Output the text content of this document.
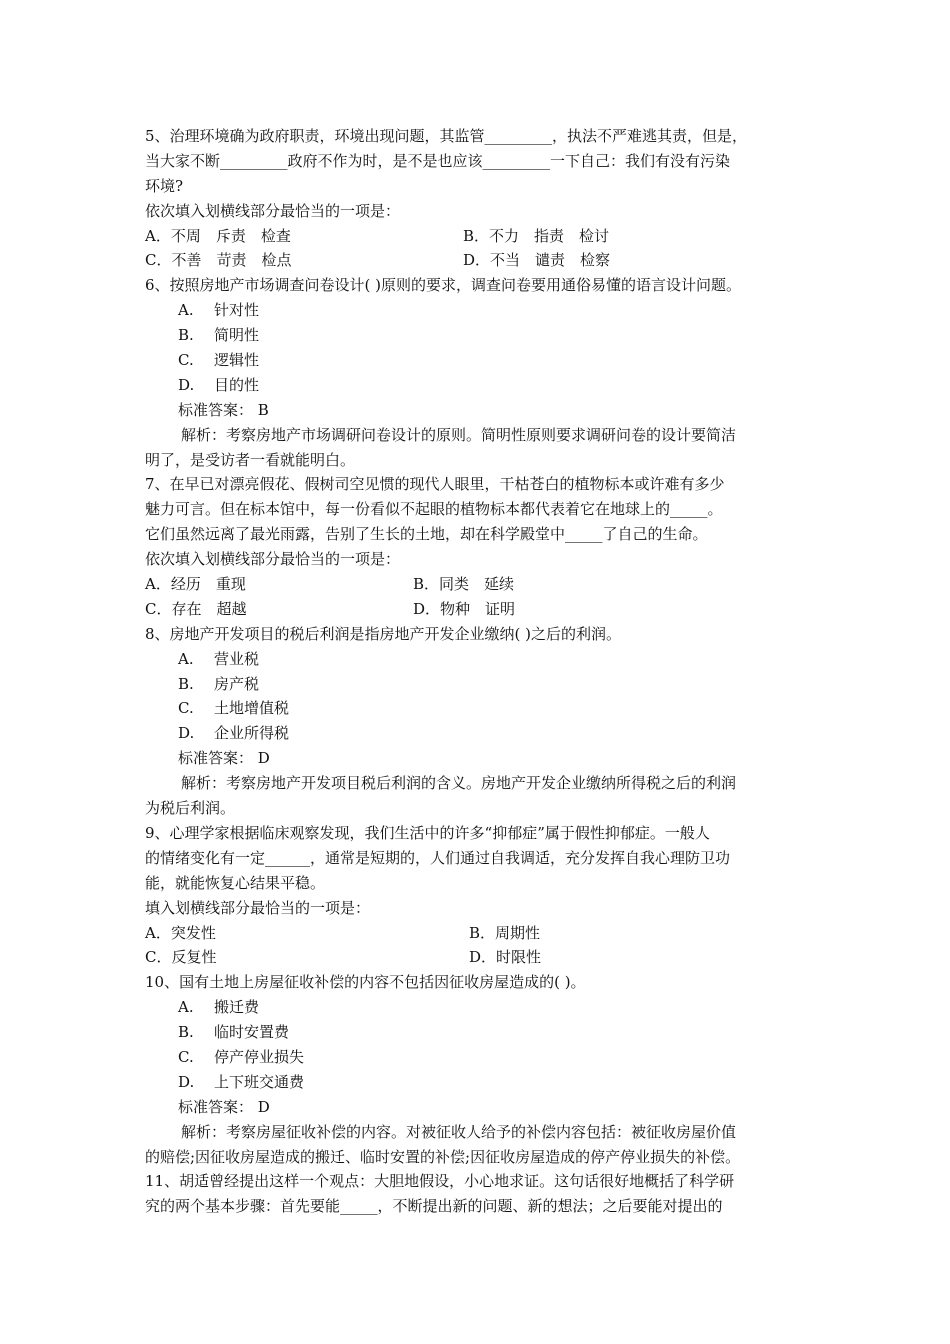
5、治理环境确为政府职责，环境出现问题，其监管_________，执法不严难逃其责，但是，
当大家不断_________政府不作为时，是不是也应该_________一下自己：我们有没有污染
环境?
依次填入划横线部分最恰当的一项是：
A．不周　斥责　检查	B．不力　指责　检讨
C．不善　苛责　检点	D．不当　谴责　检察
6、按照房地产市场调查问卷设计( )原则的要求，调查问卷要用通俗易懂的语言设计问题。
A. 针对性
B. 简明性
C. 逻辑性
D. 目的性
标准答案： B
解析：考察房地产市场调研问卷设计的原则。简明性原则要求调研问卷的设计要简洁
明了，是受访者一看就能明白。
7、在早已对漂亮假花、假树司空见惯的现代人眼里，干枯苍白的植物标本或许难有多少
魅力可言。但在标本馆中，每一份看似不起眼的植物标本都代表着它在地球上的_____。
它们虽然远离了最光雨露，告别了生长的土地，却在科学殿堂中_____了自己的生命。
依次填入划横线部分最恰当的一项是：
A．经历　重现	B．同类　延续
C．存在　超越	D．物种　证明
8、房地产开发项目的税后利润是指房地产开发企业缴纳( )之后的利润。
A. 营业税
B. 房产税
C. 土地增值税
D. 企业所得税
标准答案： D
解析：考察房地产开发项目税后利润的含义。房地产开发企业缴纳所得税之后的利润
为税后利润。
9、心理学家根据临床观察发现，我们生活中的许多“抑郁症”属于假性抑郁症。一般人
的情绪变化有一定______，通常是短期的，人们通过自我调适，充分发挥自我心理防卫功
能，就能恢复心结果平稳。
填入划横线部分最恰当的一项是：
A．突发性	B．周期性
C．反复性	D．时限性
10、国有土地上房屋征收补偿的内容不包括因征收房屋造成的( )。
A. 搬迁费
B. 临时安置费
C. 停产停业损失
D. 上下班交通费
标准答案： D
解析：考察房屋征收补偿的内容。对被征收人给予的补偿内容包括：被征收房屋价值
的赔偿;因征收房屋造成的搬迁、临时安置的补偿;因征收房屋造成的停产停业损失的补偿。
11、胡适曾经提出这样一个观点：大胆地假设，小心地求证。这句话很好地概括了科学研
究的两个基本步骤：首先要能_____，不断提出新的问题、新的想法；之后要能对提出的
